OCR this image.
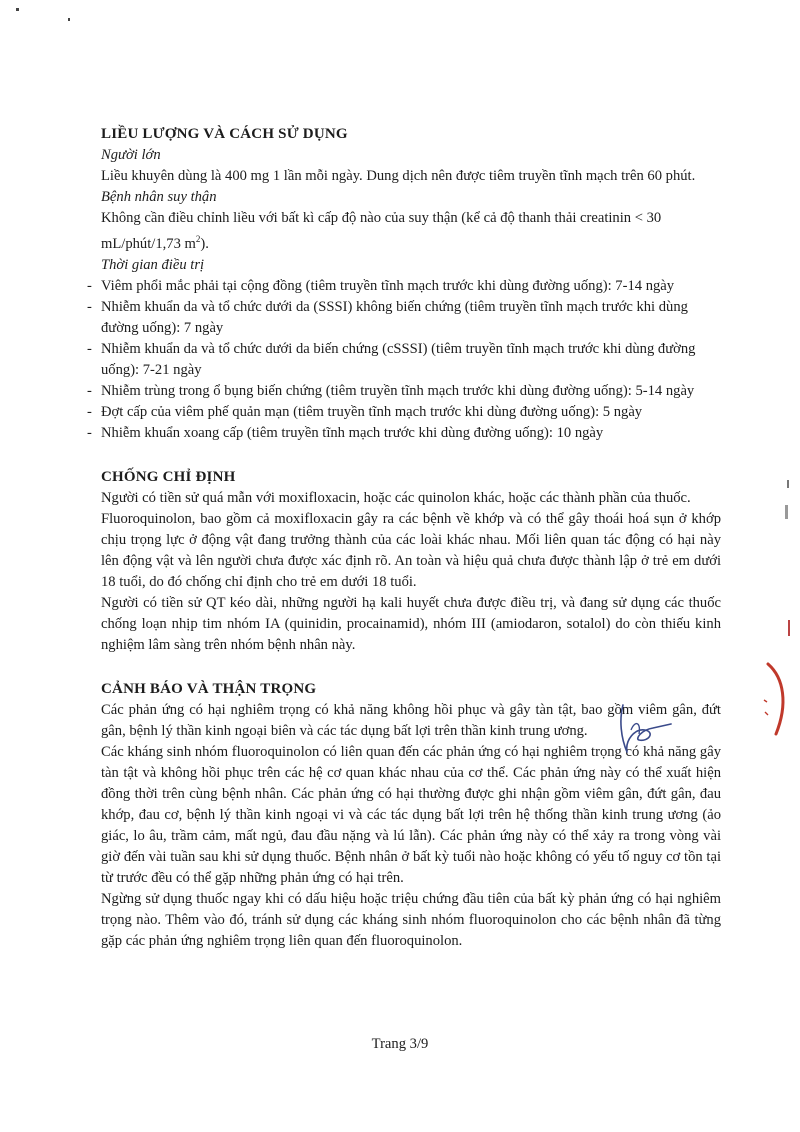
LIỀU LƯỢNG VÀ CÁCH SỬ DỤNG

Người lớn

Liều khuyên dùng là 400 mg 1 lần mỗi ngày. Dung dịch nên được tiêm truyền tĩnh mạch trên 60 phút.

Bệnh nhân suy thận

Không cần điều chỉnh liều với bất kì cấp độ nào của suy thận (kể cả độ thanh thải creatinin < 30 mL/phút/1,73 $m^2$).

Thời gian điều trị

- Viêm phổi mắc phải tại cộng đồng (tiêm truyền tĩnh mạch trước khi dùng đường uống): 7-14 ngày
- Nhiễm khuẩn da và tổ chức dưới da (SSSI) không biến chứng (tiêm truyền tĩnh mạch trước khi dùng đường uống): 7 ngày
- Nhiễm khuẩn da và tổ chức dưới da biến chứng (cSSSI) (tiêm truyền tĩnh mạch trước khi dùng đường uống): 7-21 ngày
- Nhiễm trùng trong ổ bụng biến chứng (tiêm truyền tĩnh mạch trước khi dùng đường uống): 5-14 ngày
- Đợt cấp của viêm phế quản mạn (tiêm truyền tĩnh mạch trước khi dùng đường uống): 5 ngày
- Nhiễm khuẩn xoang cấp (tiêm truyền tĩnh mạch trước khi dùng đường uống): 10 ngày
CHỐNG CHỈ ĐỊNH

Người có tiền sử quá mẫn với moxifloxacin, hoặc các quinolon khác, hoặc các thành phần của thuốc.

Fluoroquinolon, bao gồm cả moxifloxacin gây ra các bệnh về khớp và có thể gây thoái hoá sụn ở khớp chịu trọng lực ở động vật đang trưởng thành của các loài khác nhau. Mối liên quan tác động có hại này lên động vật và lên người chưa được xác định rõ. An toàn và hiệu quả chưa được thành lập ở trẻ em dưới 18 tuổi, do đó chống chỉ định cho trẻ em dưới 18 tuổi.

Người có tiền sử QT kéo dài, những người hạ kali huyết chưa được điều trị, và đang sử dụng các thuốc chống loạn nhịp tim nhóm IA (quinidin, procainamid), nhóm III (amiodaron, sotalol) do còn thiếu kinh nghiệm lâm sàng trên nhóm bệnh nhân này.

CẢNH BÁO VÀ THẬN TRỌNG

Các phản ứng có hại nghiêm trọng có khả năng không hồi phục và gây tàn tật, bao gồm viêm gân, đứt gân, bệnh lý thần kinh ngoại biên và các tác dụng bất lợi trên thần kinh trung ương.

Các kháng sinh nhóm fluoroquinolon có liên quan đến các phản ứng có hại nghiêm trọng có khả năng gây tàn tật và không hồi phục trên các hệ cơ quan khác nhau của cơ thể. Các phản ứng này có thể xuất hiện đồng thời trên cùng bệnh nhân. Các phản ứng có hại thường được ghi nhận gồm viêm gân, đứt gân, đau khớp, đau cơ, bệnh lý thần kinh ngoại vi và các tác dụng bất lợi trên hệ thống thần kinh trung ương (ảo giác, lo âu, trầm cảm, mất ngủ, đau đầu nặng và lú lẫn). Các phản ứng này có thể xảy ra trong vòng vài giờ đến vài tuần sau khi sử dụng thuốc. Bệnh nhân ở bất kỳ tuổi nào hoặc không có yếu tố nguy cơ tồn tại từ trước đều có thể gặp những phản ứng có hại trên.

Ngừng sử dụng thuốc ngay khi có dấu hiệu hoặc triệu chứng đầu tiên của bất kỳ phản ứng có hại nghiêm trọng nào. Thêm vào đó, tránh sử dụng các kháng sinh nhóm fluoroquinolon cho các bệnh nhân đã từng gặp các phản ứng nghiêm trọng liên quan đến fluoroquinolon.

Trang 3/9
